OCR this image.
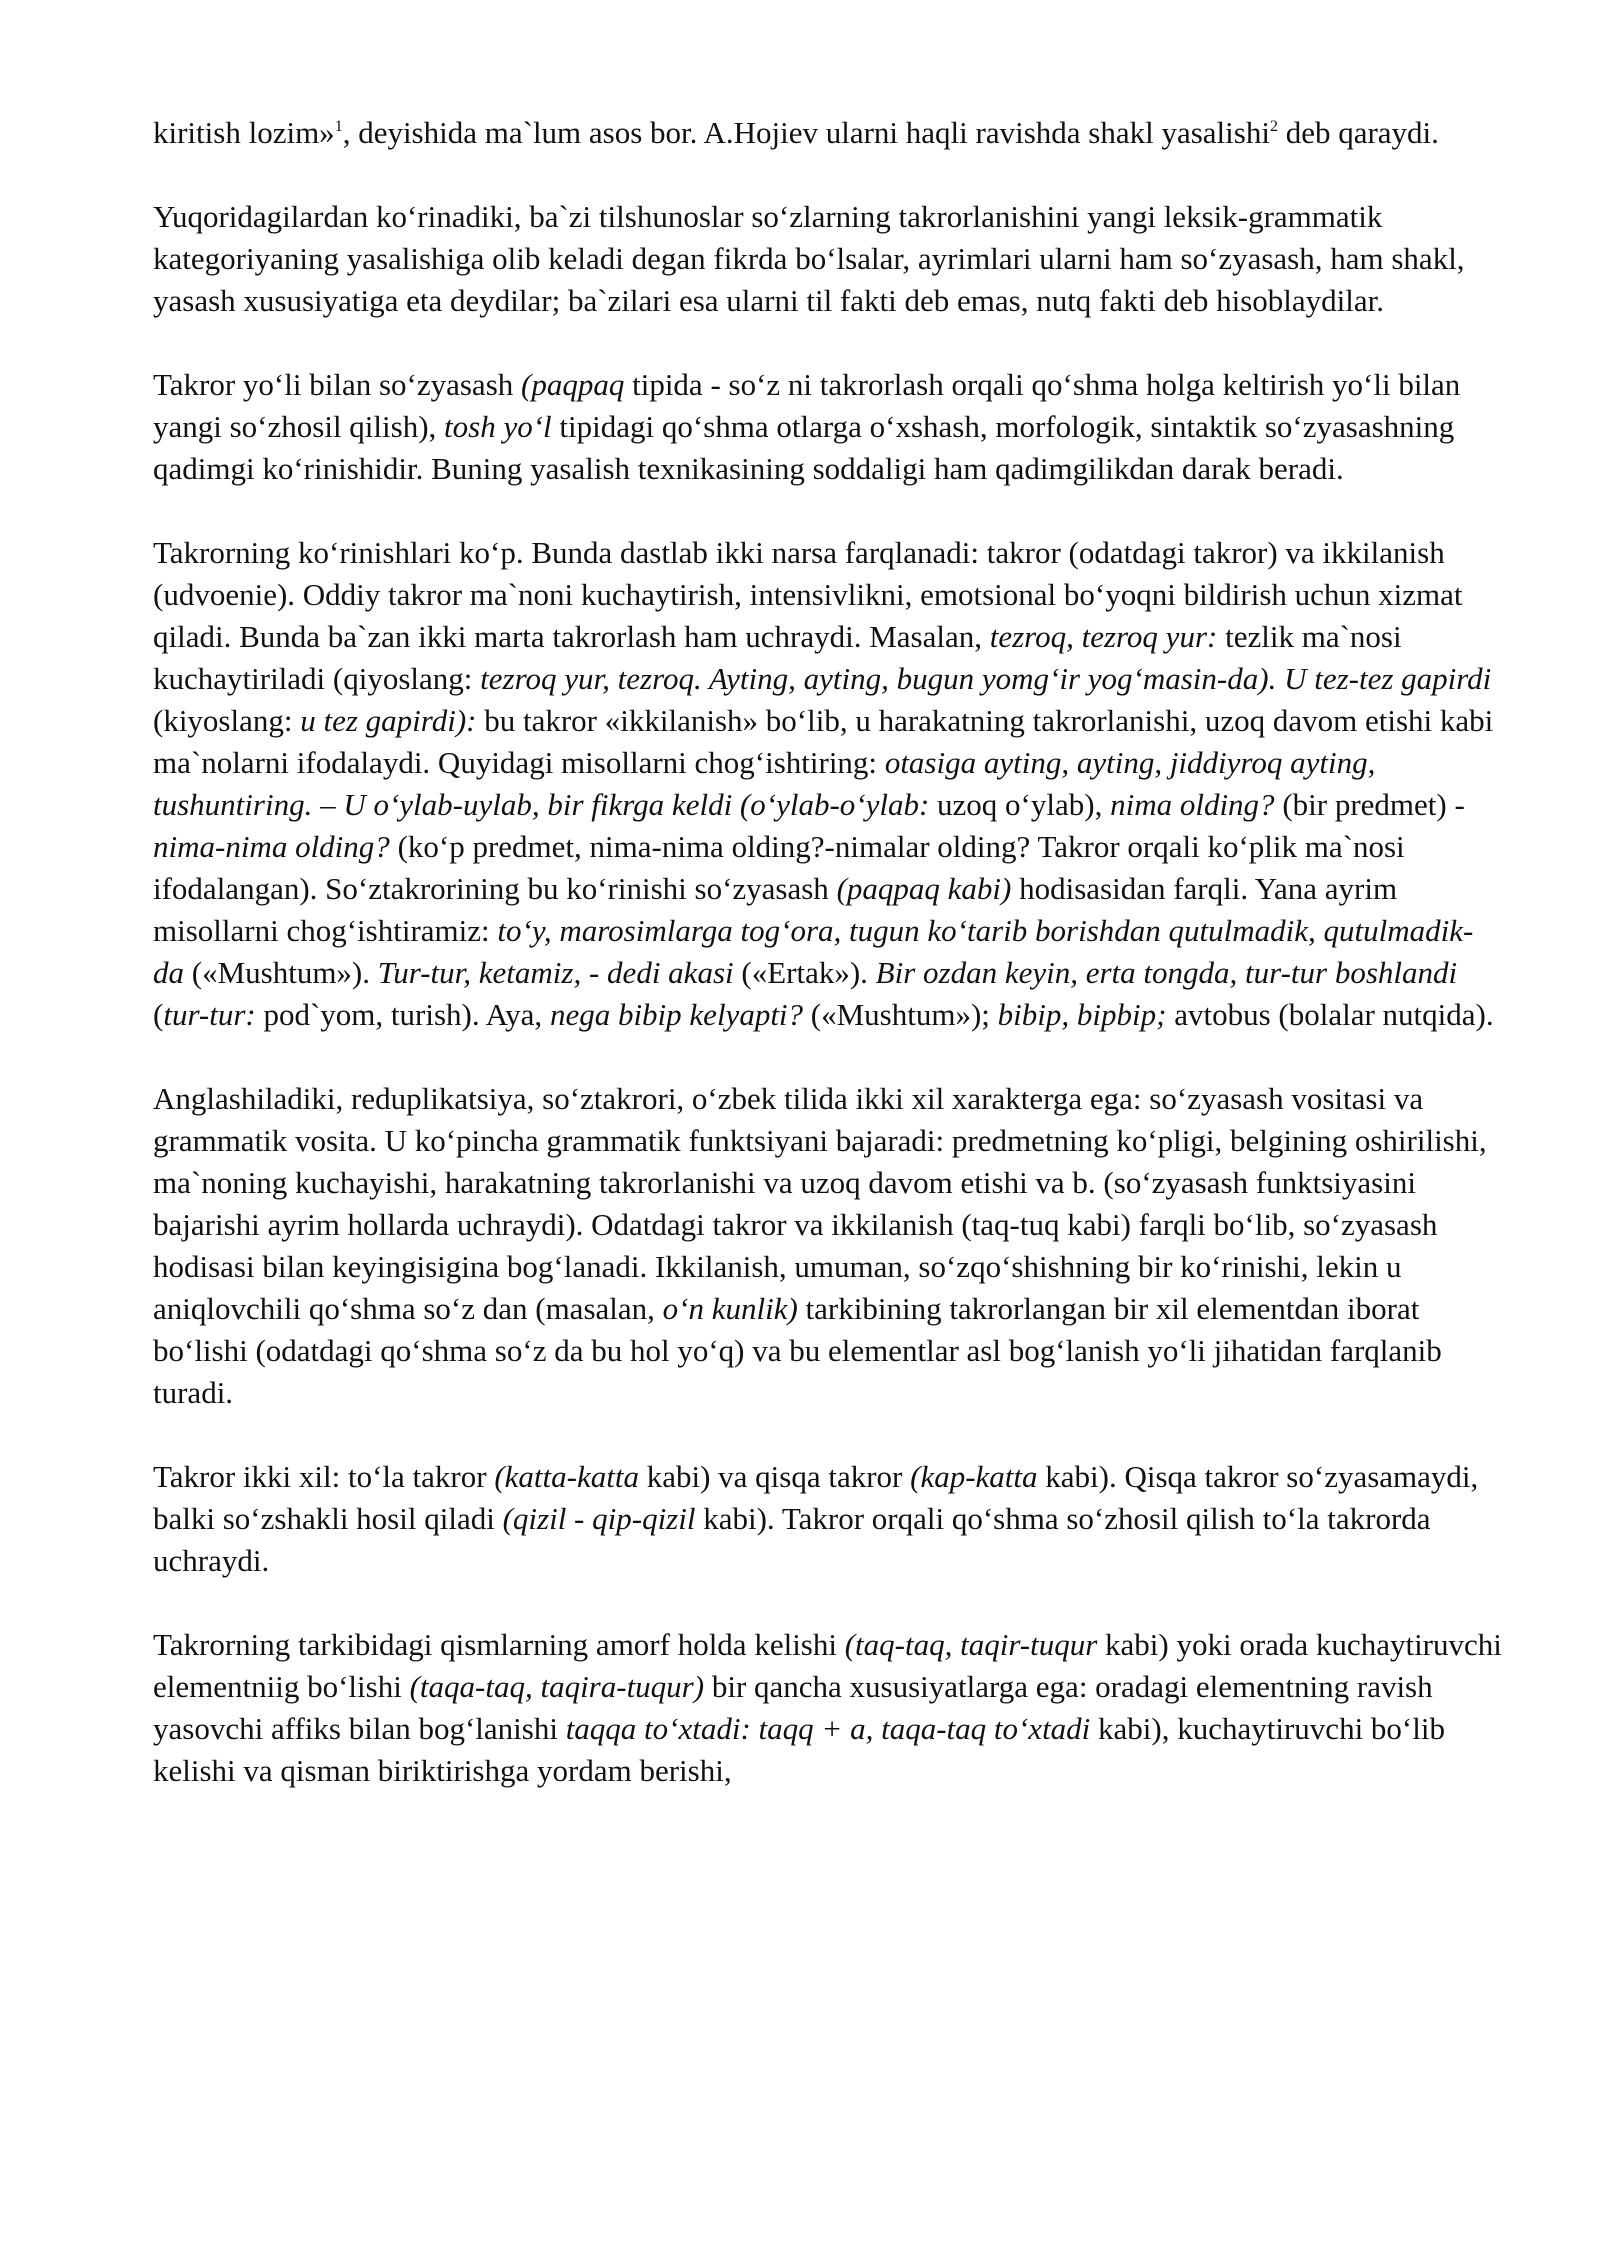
kiritish lozim»$^1$, deyishida ma`lum asos bor. A.Hojiev ularni haqli ravishda shakl yasalishi$^2$ deb qaraydi.

Yuqoridagilardan ko‘rinadiki, ba`zi tilshunoslar so‘zlarning takrorlanishini yangi leksik-grammatik kategoriyaning yasalishiga olib keladi degan fikrda bo‘lsalar, ayrimlari ularni ham so‘zyasash, ham shakl, yasash xususiyatiga eta deydilar; ba`zilari esa ularni til fakti deb emas, nutq fakti deb hisoblaydilar.

Takror yo‘li bilan so‘zyasash (paqpaq tipida - so‘z ni takrorlash orqali qo‘shma holga keltirish yo‘li bilan yangi so‘zhosil qilish), tosh yo‘l tipidagi qo‘shma otlarga o‘xshash, morfologik, sintaktik so‘zyasashning qadimgi ko‘rinishidir. Buning yasalish texnikasining soddaligi ham qadimgilikdan darak beradi.

Takrorning ko‘rinishlari ko‘p. Bunda dastlab ikki narsa farqlanadi: takror (odatdagi takror) va ikkilanish (udvoenie). Oddiy takror ma`noni kuchaytirish, intensivlikni, emotsional bo‘yoqni bildirish uchun xizmat qiladi. Bunda ba`zan ikki marta takrorlash ham uchraydi. Masalan, tezroq, tezroq yur: tezlik ma`nosi kuchaytiriladi (qiyoslang: tezroq yur, tezroq. Ayting, ayting, bugun yomg‘ir yog‘masin-da). U tez-tez gapirdi (kiyoslang: u tez gapirdi): bu takror «ikkilanish» bo‘lib, u harakatning takrorlanishi, uzoq davom etishi kabi ma`nolarni ifodalaydi. Quyidagi misollarni chog‘ishtiring: otasiga ayting, ayting, jiddiyroq ayting, tushuntiring. – U o‘ylab-uylab, bir fikrga keldi (o‘ylab-o‘ylab: uzoq o‘ylab), nima olding? (bir predmet) - nima-nima olding? (ko‘p predmet, nima-nima olding?-nimalar olding? Takror orqali ko‘plik ma`nosi ifodalangan). So‘ztakrorining bu ko‘rinishi so‘zyasash (paqpaq kabi) hodisasidan farqli. Yana ayrim misollarni chog‘ishtiramiz: to‘y, marosimlarga tog‘ora, tugun ko‘tarib borishdan qutulmadik, qutulmadik-da («Mushtum»). Tur-tur, ketamiz, - dedi akasi («Ertak»). Bir ozdan keyin, erta tongda, tur-tur boshlandi (tur-tur: pod`yom, turish). Aya, nega bibip kelyapti? («Mushtum»); bibip, bipbip; avtobus (bolalar nutqida).

Anglashiladiki, reduplikatsiya, so‘ztakrori, o‘zbek tilida ikki xil xarakterga ega: so‘zyasash vositasi va grammatik vosita. U ko‘pincha grammatik funktsiyani bajaradi: predmetning ko‘pligi, belgining oshirilishi, ma`noning kuchayishi, harakatning takrorlanishi va uzoq davom etishi va b. (so‘zyasash funktsiyasini bajarishi ayrim hollarda uchraydi). Odatdagi takror va ikkilanish (taq-tuq kabi) farqli bo‘lib, so‘zyasash hodisasi bilan keyingisigina bog‘lanadi. Ikkilanish, umuman, so‘zqo‘shishning bir ko‘rinishi, lekin u aniqlovchili qo‘shma so‘z dan (masalan, o‘n kunlik) tarkibining takrorlangan bir xil elementdan iborat bo‘lishi (odatdagi qo‘shma so‘z da bu hol yo‘q) va bu elementlar asl bog‘lanish yo‘li jihatidan farqlanib turadi.

Takror ikki xil: to‘la takror (katta-katta kabi) va qisqa takror (kap-katta kabi). Qisqa takror so‘zyasamaydi, balki so‘zshakli hosil qiladi (qizil - qip-qizil kabi). Takror orqali qo‘shma so‘zhosil qilish to‘la takrorda uchraydi.

Takrorning tarkibidagi qismlarning amorf holda kelishi (taq-taq, taqir-tuqur kabi) yoki orada kuchaytiruvchi elementniig bo‘lishi (taqa-taq, taqira-tuqur) bir qancha xususiyatlarga ega: oradagi elementning ravish yasovchi affiks bilan bog‘lanishi taqqa to‘xtadi: taqq + a, taqa-taq to‘xtadi kabi), kuchaytiruvchi bo‘lib kelishi va qisman biriktirishga yordam berishi,
